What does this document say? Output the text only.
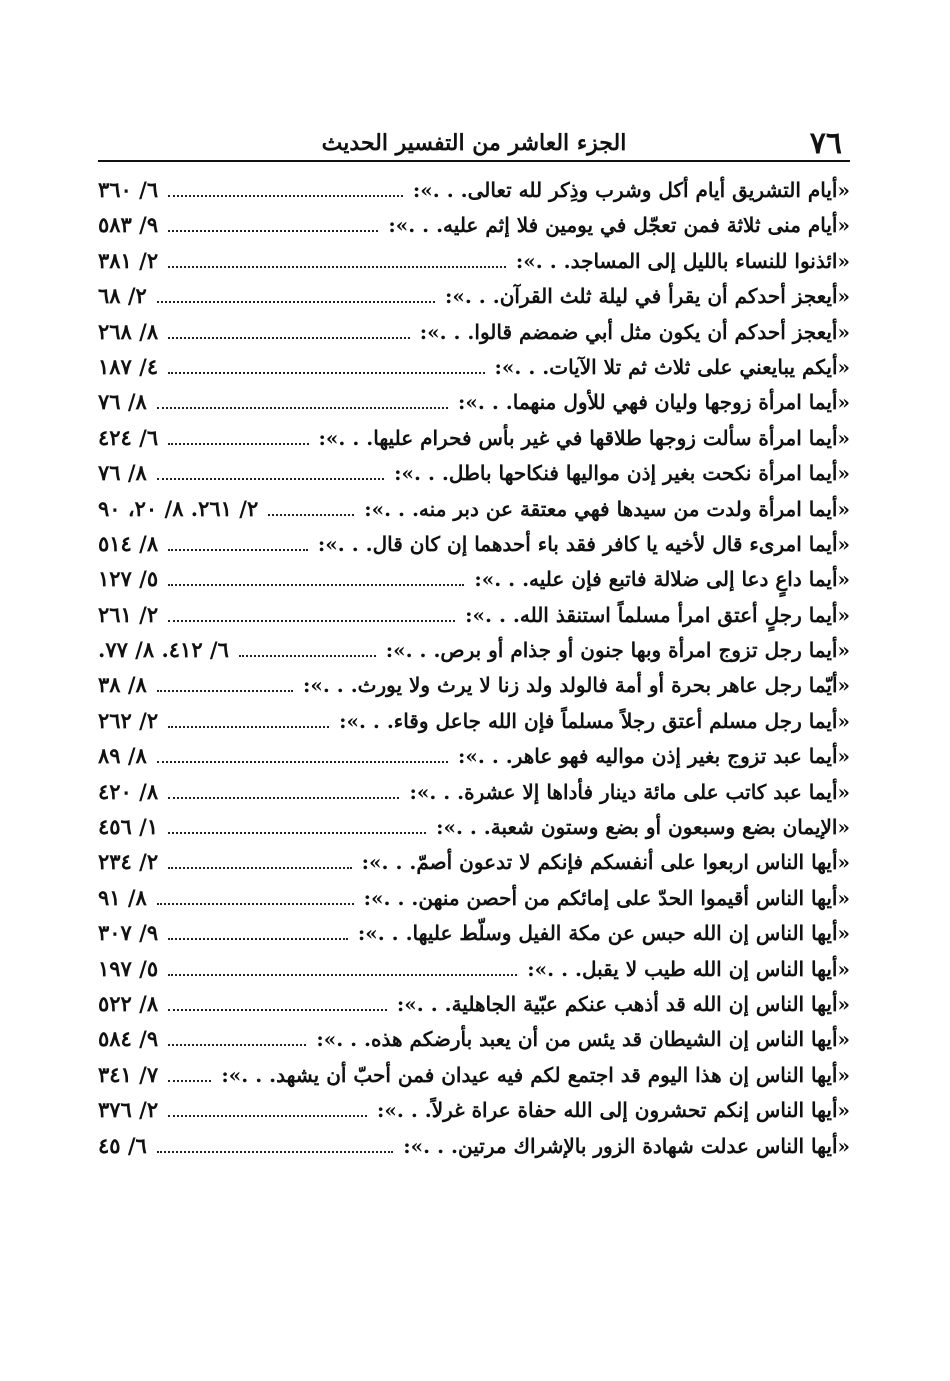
٧٦
الجزء العاشر من التفسير الحديث
«أيام التشريق أيام أكل وشرب وذِكر لله تعالى. . .»:
٦/ ٣٦٠
«أيام منى ثلاثة فمن تعجّل في يومين فلا إثم عليه. . .»:
٩/ ٥٨٣
«ائذنوا للنساء بالليل إلى المساجد. . .»:
٢/ ٣٨١
«أيعجز أحدكم أن يقرأ في ليلة ثلث القرآن. . .»:
٢/ ٦٨
«أيعجز أحدكم أن يكون مثل أبي ضمضم قالوا. . .»:
٨/ ٢٦٨
«أيكم يبايعني على ثلاث ثم تلا الآيات. . .»:
٤/ ١٨٧
«أيما امرأة زوجها وليان فهي للأول منهما. . .»:
٨/ ٧٦
«أيما امرأة سألت زوجها طلاقها في غير بأس فحرام عليها. . .»:
٦/ ٤٢٤
«أيما امرأة نكحت بغير إذن مواليها فنكاحها باطل. . .»:
٨/ ٧٦
«أيما امرأة ولدت من سيدها فهي معتقة عن دبر منه. . .»:
٢/ ٢٦١. ٨/ ٢٠، ٩٠
«أيما امرىء قال لأخيه يا كافر فقد باء أحدهما إن كان قال. . .»:
٨/ ٥١٤
«أيما داعٍ دعا إلى ضلالة فاتبع فإن عليه. . .»:
٥/ ١٢٧
«أيما رجلٍ أعتق امرأ مسلماً استنقذ الله. . .»:
٢/ ٢٦١
«أيما رجل تزوج امرأة وبها جنون أو جذام أو برص. . .»:
٦/ ٤١٢. ٨/ ٧٧.
«أيّما رجل عاهر بحرة أو أمة فالولد ولد زنا لا يرث ولا يورث. . .»:
٨/ ٣٨
«أيما رجل مسلم أعتق رجلاً مسلماً فإن الله جاعل وقاء. . .»:
٢/ ٢٦٢
«أيما عبد تزوج بغير إذن مواليه فهو عاهر. . .»:
٨/ ٨٩
«أيما عبد كاتب على مائة دينار فأداها إلا عشرة. . .»:
٨/ ٤٢٠
«الإيمان بضع وسبعون أو بضع وستون شعبة. . .»:
١/ ٤٥٦
«أيها الناس اربعوا على أنفسكم فإنكم لا تدعون أصمّ. . .»:
٢/ ٢٣٤
«أيها الناس أقيموا الحدّ على إمائكم من أحصن منهن. . .»:
٨/ ٩١
«أيها الناس إن الله حبس عن مكة الفيل وسلّط عليها. . .»:
٩/ ٣٠٧
«أيها الناس إن الله طيب لا يقبل. . .»:
٥/ ١٩٧
«أيها الناس إن الله قد أذهب عنكم عبّية الجاهلية. . .»:
٨/ ٥٢٢
«أيها الناس إن الشيطان قد يئس من أن يعبد بأرضكم هذه. . .»:
٩/ ٥٨٤
«أيها الناس إن هذا اليوم قد اجتمع لكم فيه عيدان فمن أحبّ أن يشهد. . .»:
٧/ ٣٤١
«أيها الناس إنكم تحشرون إلى الله حفاة عراة غرلاً. . .»:
٢/ ٣٧٦
«أيها الناس عدلت شهادة الزور بالإشراك مرتين. . .»:
٦/ ٤٥
